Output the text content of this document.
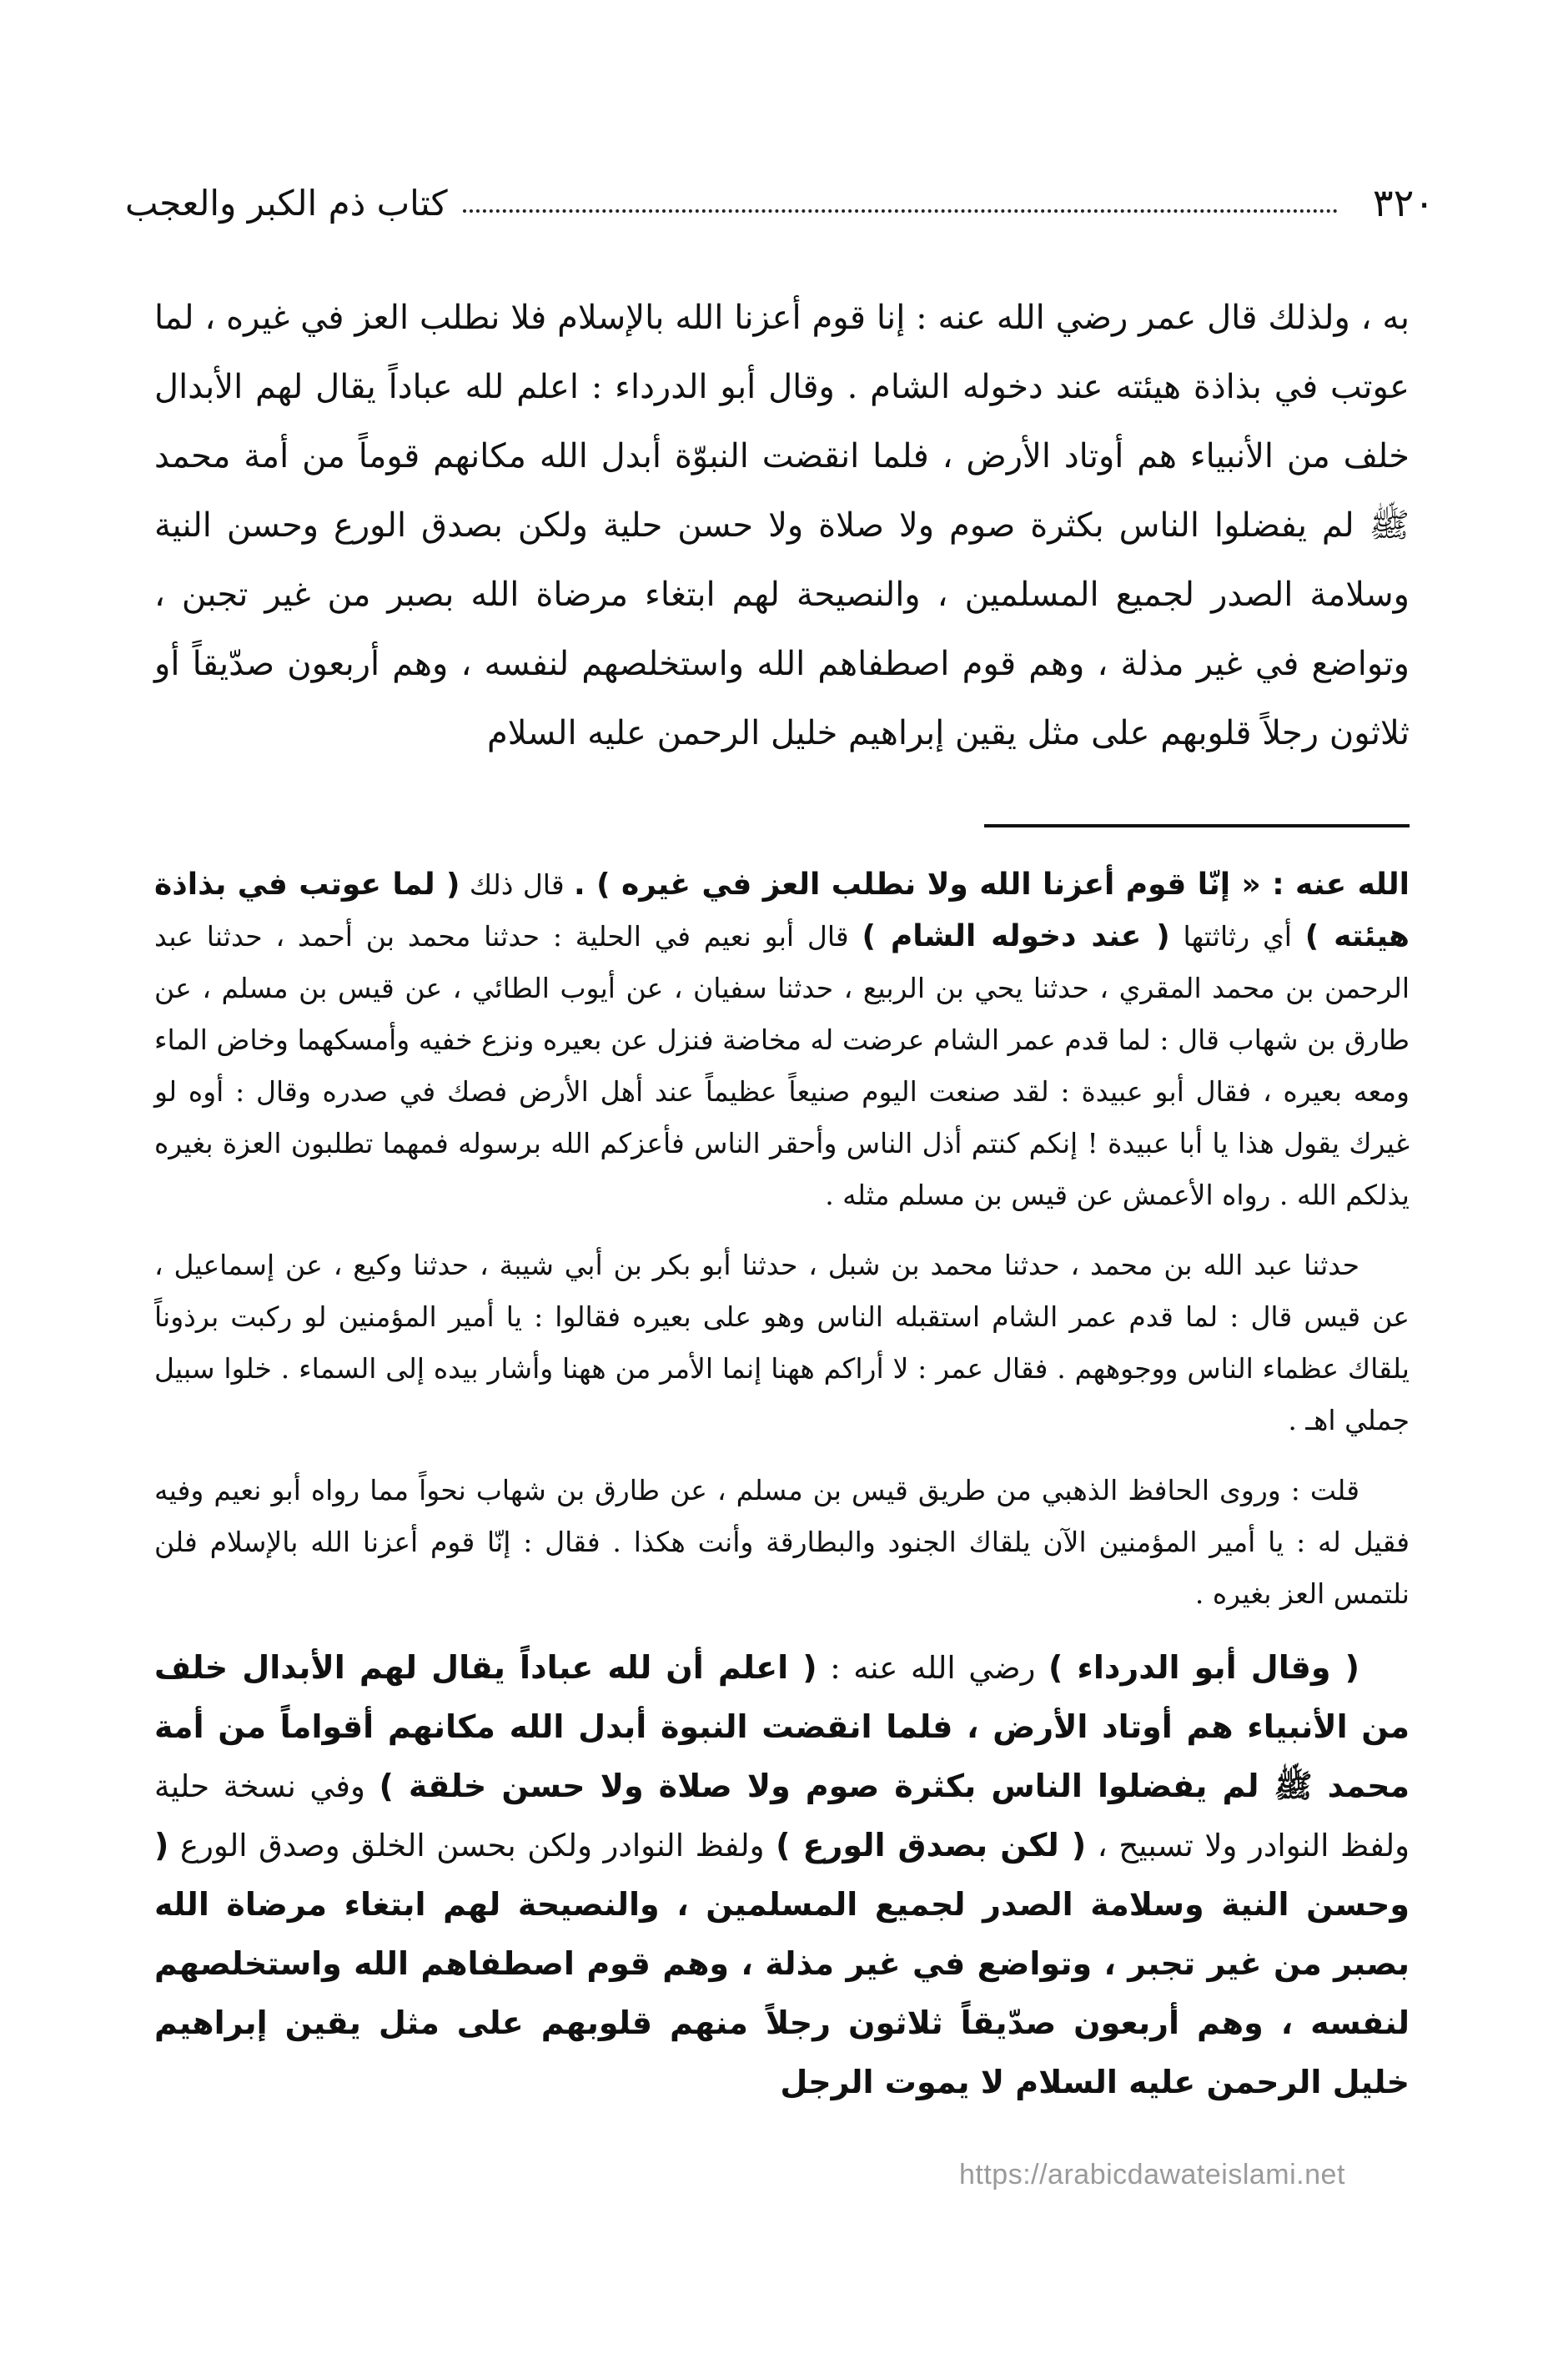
٣٢٠
كتاب ذم الكبر والعجب

به ، ولذلك قال عمر رضي الله عنه : إنا قوم أعزنا الله بالإسلام فلا نطلب العز في غيره ، لما عوتب في بذاذة هيئته عند دخوله الشام . وقال أبو الدرداء : اعلم لله عباداً يقال لهم الأبدال خلف من الأنبياء هم أوتاد الأرض ، فلما انقضت النبوّة أبدل الله مكانهم قوماً من أمة محمد ﷺ لم يفضلوا الناس بكثرة صوم ولا صلاة ولا حسن حلية ولكن بصدق الورع وحسن النية وسلامة الصدر لجميع المسلمين ، والنصيحة لهم ابتغاء مرضاة الله بصبر من غير تجبن ، وتواضع في غير مذلة ، وهم قوم اصطفاهم الله واستخلصهم لنفسه ، وهم أربعون صدّيقاً أو ثلاثون رجلاً قلوبهم على مثل يقين إبراهيم خليل الرحمن عليه السلام

الله عنه : « إنّا قوم أعزنا الله ولا نطلب العز في غيره ) . قال ذلك ( لما عوتب في بذاذة هيئته ) أي رثاثتها ( عند دخوله الشام ) قال أبو نعيم في الحلية : حدثنا محمد بن أحمد ، حدثنا عبد الرحمن بن محمد المقري ، حدثنا يحي بن الربيع ، حدثنا سفيان ، عن أيوب الطائي ، عن قيس بن مسلم ، عن طارق بن شهاب قال : لما قدم عمر الشام عرضت له مخاضة فنزل عن بعيره ونزع خفيه وأمسكهما وخاض الماء ومعه بعيره ، فقال أبو عبيدة : لقد صنعت اليوم صنيعاً عظيماً عند أهل الأرض فصك في صدره وقال : أوه لو غيرك يقول هذا يا أبا عبيدة ! إنكم كنتم أذل الناس وأحقر الناس فأعزكم الله برسوله فمهما تطلبون العزة بغيره يذلكم الله . رواه الأعمش عن قيس بن مسلم مثله .

حدثنا عبد الله بن محمد ، حدثنا محمد بن شبل ، حدثنا أبو بكر بن أبي شيبة ، حدثنا وكيع ، عن إسماعيل ، عن قيس قال : لما قدم عمر الشام استقبله الناس وهو على بعيره فقالوا : يا أمير المؤمنين لو ركبت برذوناً يلقاك عظماء الناس ووجوههم . فقال عمر : لا أراكم ههنا إنما الأمر من ههنا وأشار بيده إلى السماء . خلوا سبيل جملي اهـ .

قلت : وروى الحافظ الذهبي من طريق قيس بن مسلم ، عن طارق بن شهاب نحواً مما رواه أبو نعيم وفيه فقيل له : يا أمير المؤمنين الآن يلقاك الجنود والبطارقة وأنت هكذا . فقال : إنّا قوم أعزنا الله بالإسلام فلن نلتمس العز بغيره .

( وقال أبو الدرداء ) رضي الله عنه : ( اعلم أن لله عباداً يقال لهم الأبدال خلف من الأنبياء هم أوتاد الأرض ، فلما انقضت النبوة أبدل الله مكانهم أقواماً من أمة محمد ﷺ لم يفضلوا الناس بكثرة صوم ولا صلاة ولا حسن خلقة ) وفي نسخة حلية ولفظ النوادر ولا تسبيح ، ( لكن بصدق الورع ) ولفظ النوادر ولكن بحسن الخلق وصدق الورع ( وحسن النية وسلامة الصدر لجميع المسلمين ، والنصيحة لهم ابتغاء مرضاة الله بصبر من غير تجبر ، وتواضع في غير مذلة ، وهم قوم اصطفاهم الله واستخلصهم لنفسه ، وهم أربعون صدّيقاً ثلاثون رجلاً منهم قلوبهم على مثل يقين إبراهيم خليل الرحمن عليه السلام لا يموت الرجل

https://arabicdawateislami.net
